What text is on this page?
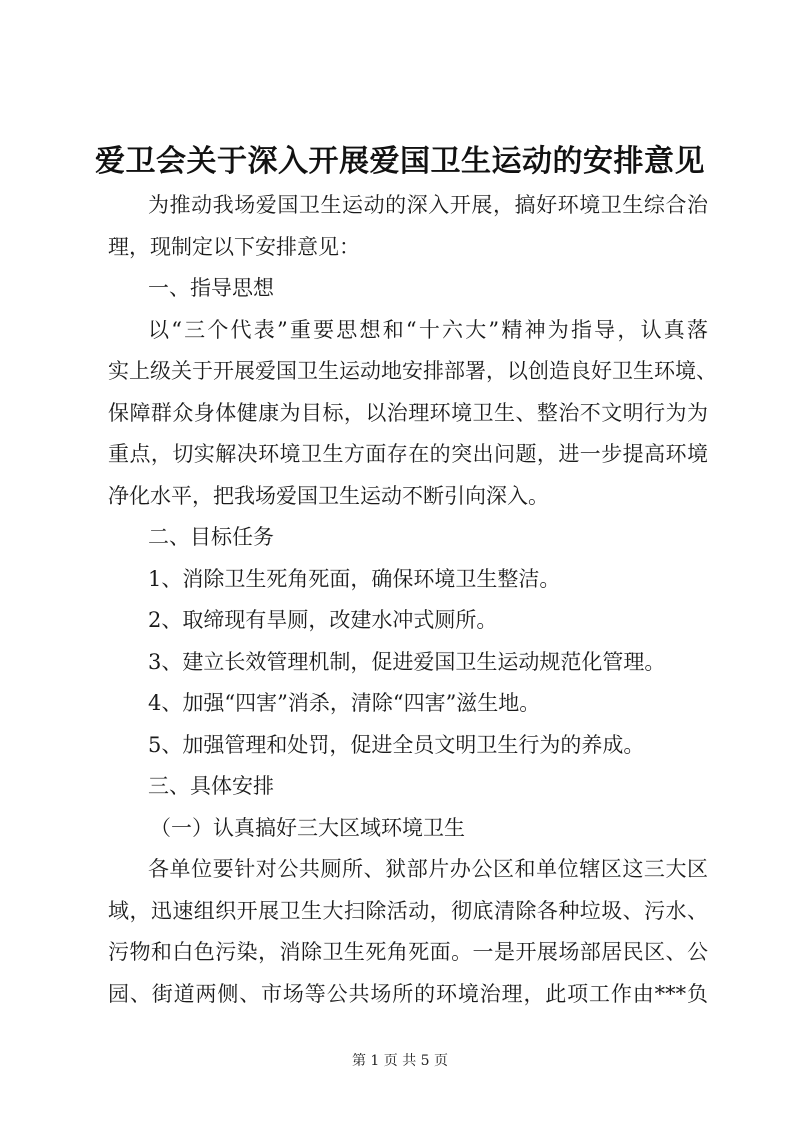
爱卫会关于深入开展爱国卫生运动的安排意见
为推动我场爱国卫生运动的深入开展，搞好环境卫生综合治
理，现制定以下安排意见：
一、指导思想
以“三个代表”重要思想和“十六大”精神为指导，认真落
实上级关于开展爱国卫生运动地安排部署，以创造良好卫生环境、
保障群众身体健康为目标，以治理环境卫生、整治不文明行为为
重点，切实解决环境卫生方面存在的突出问题，进一步提高环境
净化水平，把我场爱国卫生运动不断引向深入。
二、目标任务
1、消除卫生死角死面，确保环境卫生整洁。
2、取缔现有旱厕，改建水冲式厕所。
3、建立长效管理机制，促进爱国卫生运动规范化管理。
4、加强“四害”消杀，清除“四害”滋生地。
5、加强管理和处罚，促进全员文明卫生行为的养成。
三、具体安排
（一）认真搞好三大区域环境卫生
各单位要针对公共厕所、狱部片办公区和单位辖区这三大区
域，迅速组织开展卫生大扫除活动，彻底清除各种垃圾、污水、
污物和白色污染，消除卫生死角死面。一是开展场部居民区、公
园、街道两侧、市场等公共场所的环境治理，此项工作由***负
第 1 页 共 5 页
